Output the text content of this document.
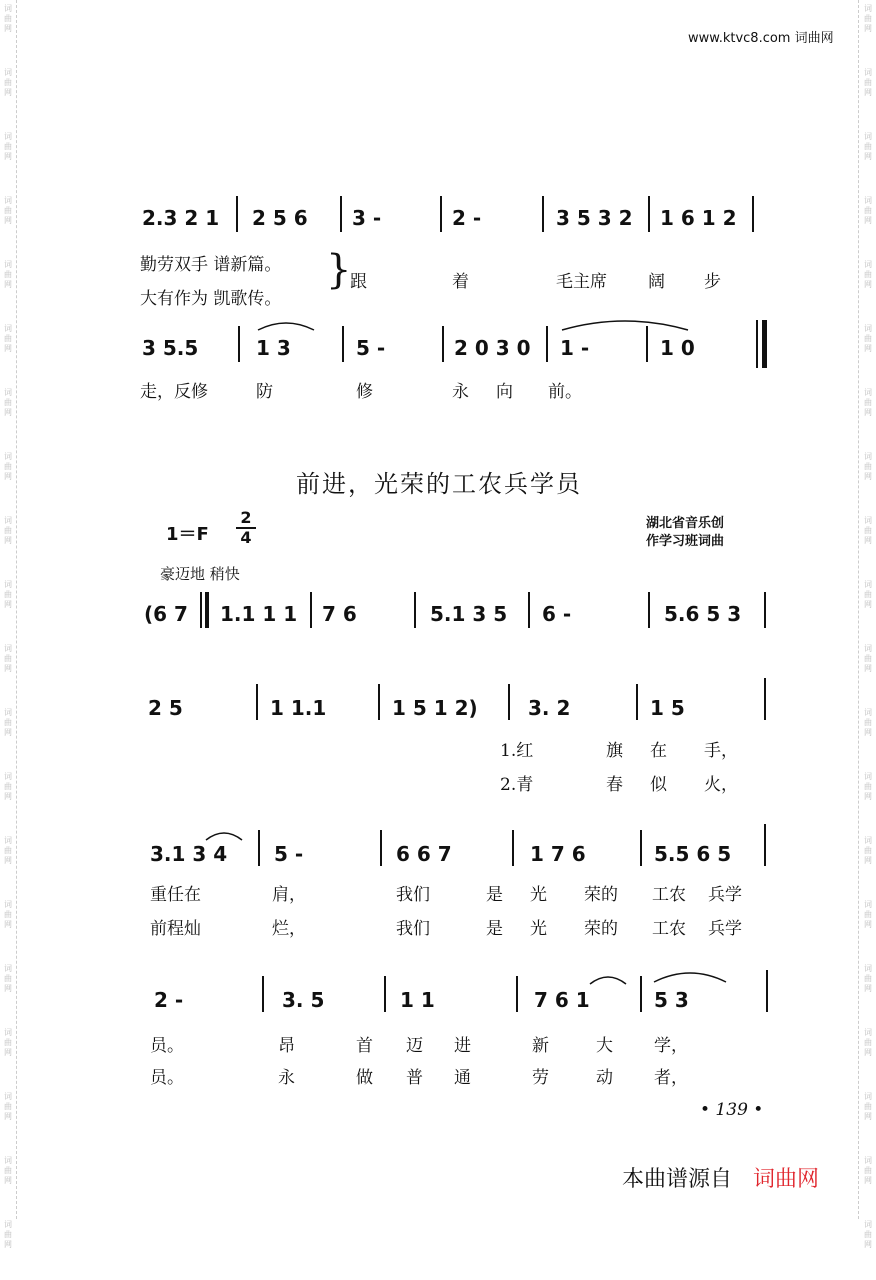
词
曲
网
词
曲
网
词
曲
网
词
曲
网
词
曲
网
词
曲
网
词
曲
网
词
曲
网
词
曲
网
词
曲
网
词
曲
网
词
曲
网
词
曲
网
词
曲
网
词
曲
网
词
曲
网
词
曲
网
词
曲
网
词
曲
网
词
曲
网
词
曲
网
词
曲
网
词
曲
网
词
曲
网
词
曲
网
词
曲
网
词
曲
网
词
曲
网
词
曲
网
词
曲
网
词
曲
网
词
曲
网
词
曲
网
词
曲
网
词
曲
网
词
曲
网
词
曲
网
词
曲
网
词
曲
网
词
曲
网
www.ktvc8.com 词曲网
2.3 2 1 2 5 6 3 -	2 -	3 5 3 2 1 6 1 2
勤劳双手 谱新篇。
大有作为 凯歌传。
}
跟	着	毛主席 阔 步
3 5.5	1 3	5 -	2 0 3 0 1 -	1 0
走，反修	防	修	永 向 前。
前进，光荣的工农兵学员
1＝F
2
4
湖北省音乐创
作学习班词曲
豪迈地 稍快
(6 7 1.1 1 1 7 6	5.1 3 5 6 -	5.6 5 3
2 5	1 1.1	1 5 1 2)	3. 2	1 5
1.红	旗 在 手，
2.青	春 似 火，
3.1 3 4 5 -	6 6 7	1 7 6	5.5 6 5
重任在	肩，	我们	是 光 荣的 工农 兵学
前程灿	烂，	我们	是 光 荣的 工农 兵学
2 -	3. 5	1 1	7 6 1	5 3
员。	昂	首 迈 进	新	大 学，
员。	永	做 普 通	劳	动 者，
• 139 •
本曲谱源自 词曲网
